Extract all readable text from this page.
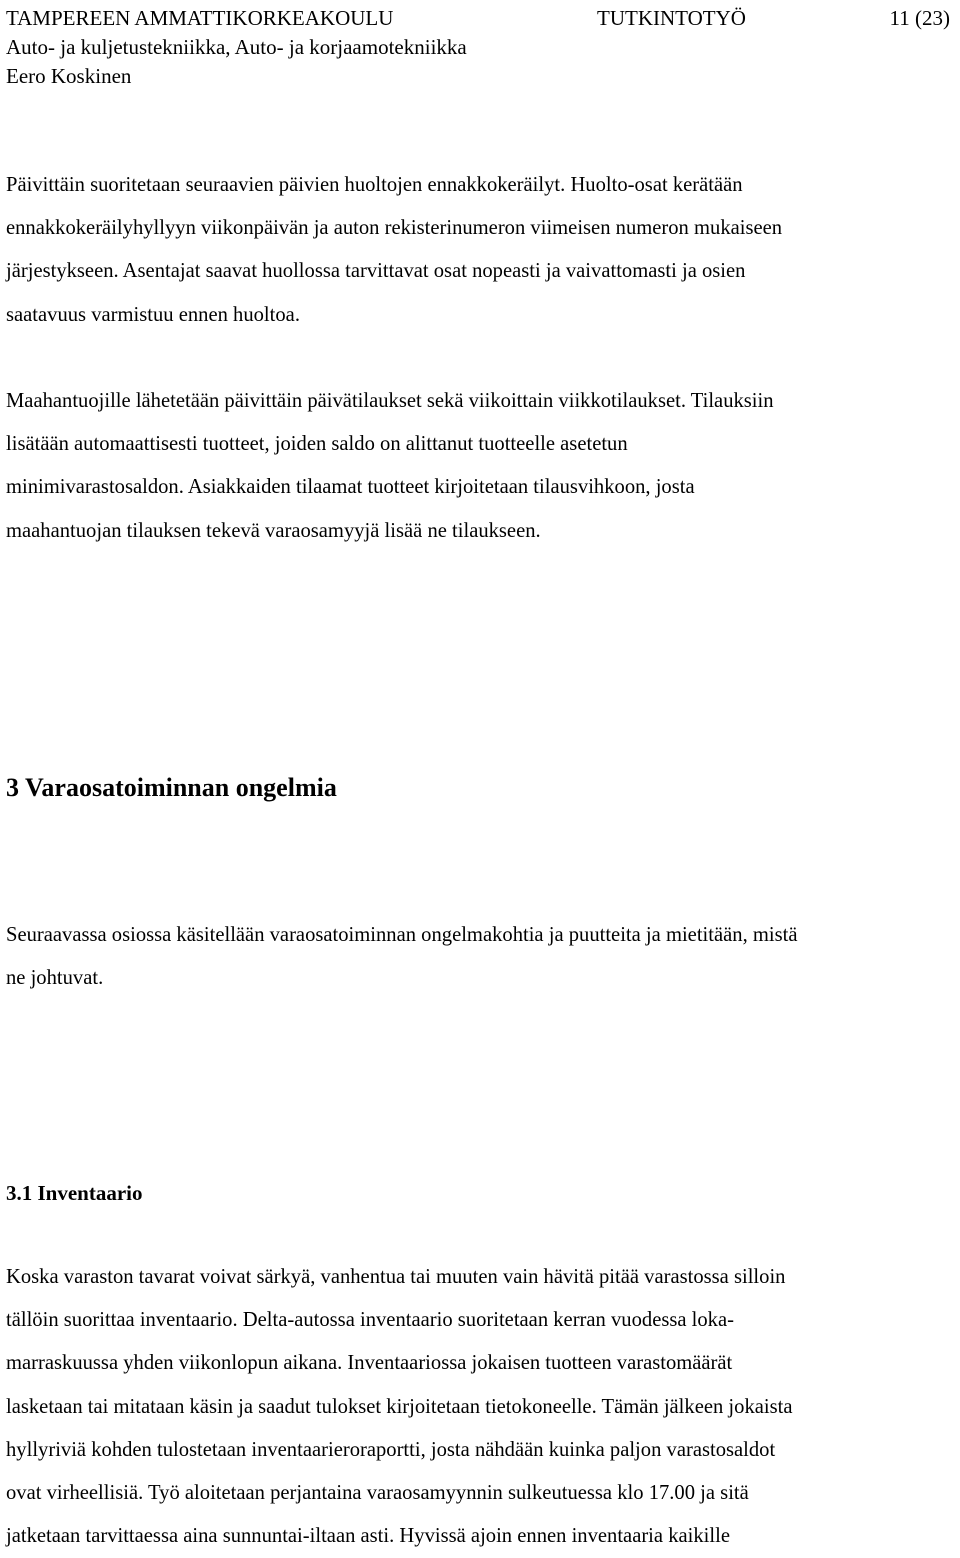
TAMPEREEN AMMATTIKORKEAKOULU	TUTKINTOTYÖ	11 (23)
Auto- ja kuljetustekniikka, Auto- ja korjaamotekniikka
Eero Koskinen

Päivittäin suoritetaan seuraavien päivien huoltojen ennakkokeräilyt. Huolto-osat kerätään
ennakkokeräilyhyllyyn viikonpäivän ja auton rekisterinumeron viimeisen numeron mukaiseen
järjestykseen. Asentajat saavat huollossa tarvittavat osat nopeasti ja vaivattomasti ja osien
saatavuus varmistuu ennen huoltoa.

Maahantuojille lähetetään päivittäin päivätilaukset sekä viikoittain viikkotilaukset. Tilauksiin
lisätään automaattisesti tuotteet, joiden saldo on alittanut tuotteelle asetetun
minimivarastosaldon. Asiakkaiden tilaamat tuotteet kirjoitetaan tilausvihkoon, josta
maahantuojan tilauksen tekevä varaosamyyjä lisää ne tilaukseen.

3 Varaosatoiminnan ongelmia

Seuraavassa osiossa käsitellään varaosatoiminnan ongelmakohtia ja puutteita ja mietitään, mistä
ne johtuvat.

3.1 Inventaario

Koska varaston tavarat voivat särkyä, vanhentua tai muuten vain hävitä pitää varastossa silloin
tällöin suorittaa inventaario. Delta-autossa inventaario suoritetaan kerran vuodessa loka-
marraskuussa yhden viikonlopun aikana. Inventaariossa jokaisen tuotteen varastomäärät
lasketaan tai mitataan käsin ja saadut tulokset kirjoitetaan tietokoneelle. Tämän jälkeen jokaista
hyllyriviä kohden tulostetaan inventaarieroraportti, josta nähdään kuinka paljon varastosaldot
ovat virheellisiä. Työ aloitetaan perjantaina varaosamyynnin sulkeutuessa klo 17.00 ja sitä
jatketaan tarvittaessa aina sunnuntai-iltaan asti. Hyvissä ajoin ennen inventaaria kaikille
